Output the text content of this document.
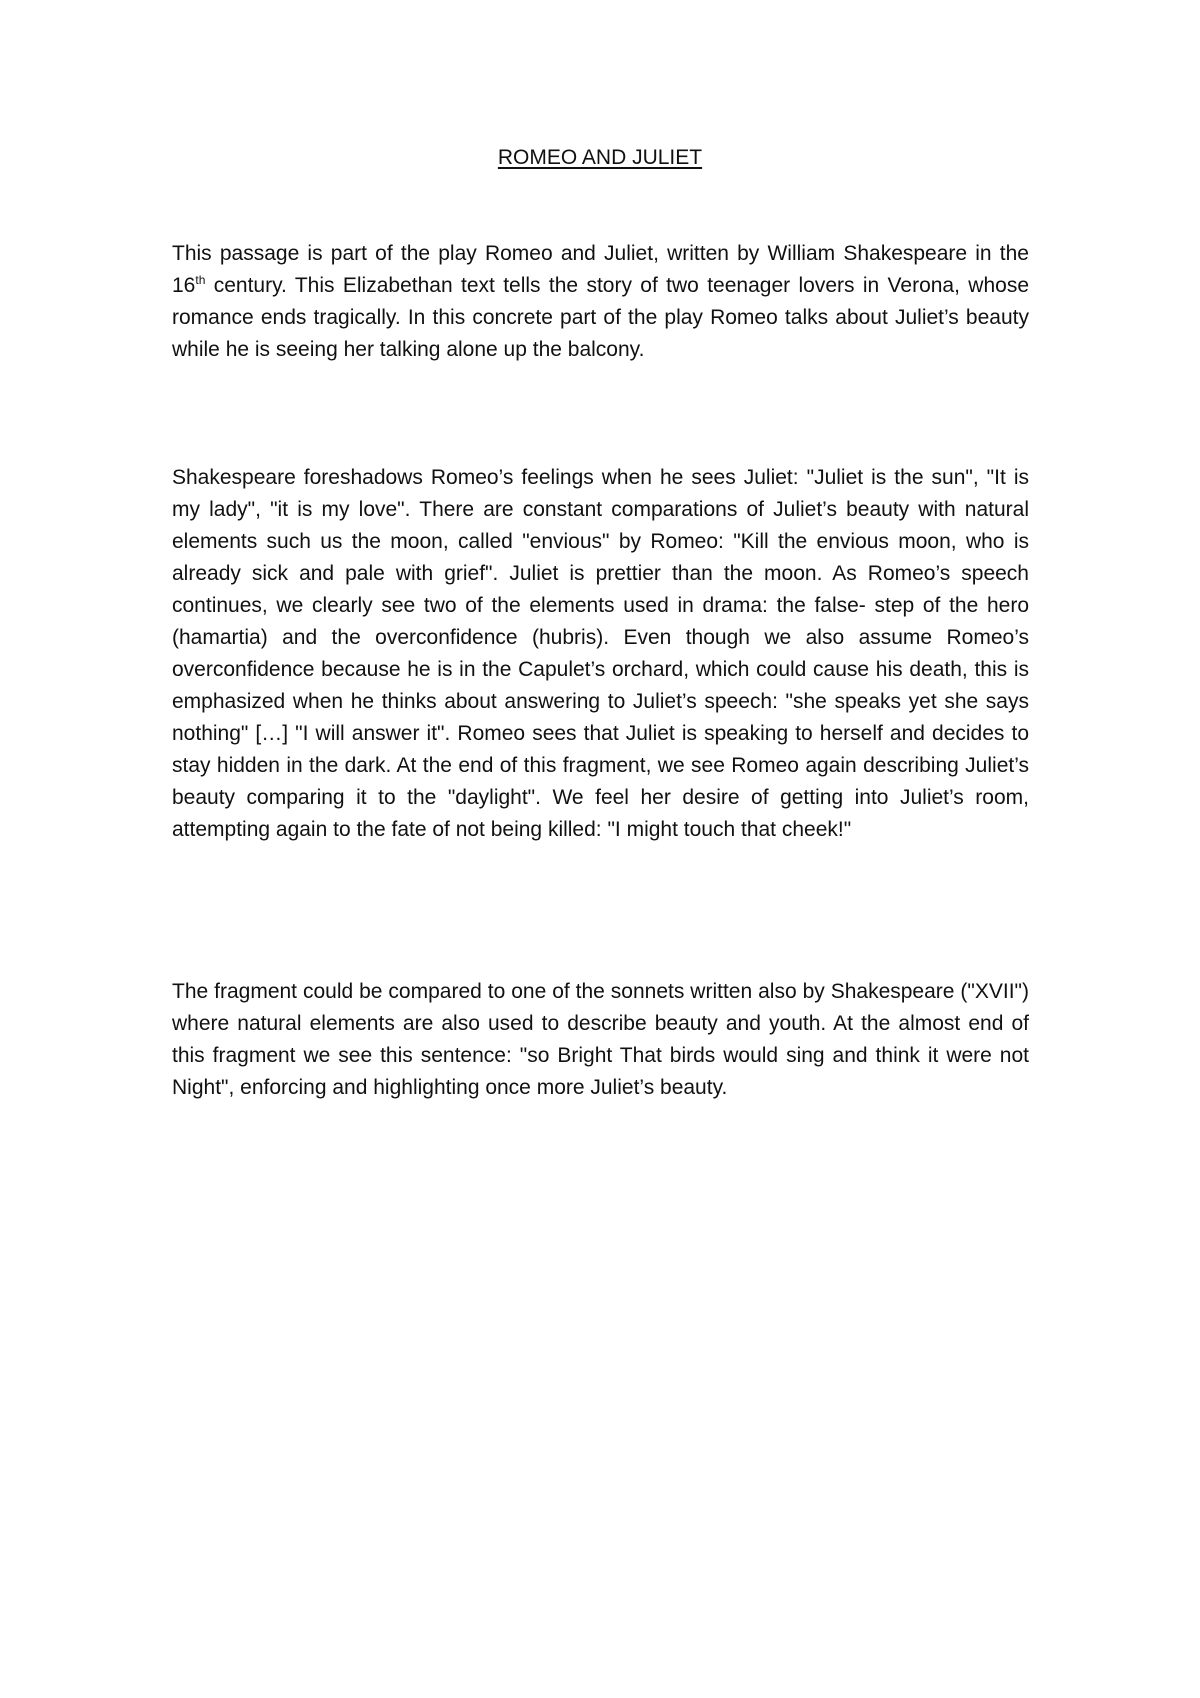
ROMEO AND JULIET

This passage is part of the play Romeo and Juliet, written by William Shakespeare in the 16th century. This Elizabethan text tells the story of two teenager lovers in Verona, whose romance ends tragically. In this concrete part of the play Romeo talks about Juliet’s beauty while he is seeing her talking alone up the balcony.

Shakespeare foreshadows Romeo’s feelings when he sees Juliet: "Juliet is the sun", "It is my lady", "it is my love". There are constant comparations of Juliet’s beauty with natural elements such us the moon, called "envious" by Romeo: "Kill the envious moon, who is already sick and pale with grief". Juliet is prettier than the moon. As Romeo’s speech continues, we clearly see two of the elements used in drama: the false- step of the hero (hamartia) and the overconfidence (hubris). Even though we also assume Romeo’s overconfidence because he is in the Capulet’s orchard, which could cause his death, this is emphasized when he thinks about answering to Juliet’s speech: "she speaks yet she says nothing" […] "I will answer it". Romeo sees that Juliet is speaking to herself and decides to stay hidden in the dark. At the end of this fragment, we see Romeo again describing Juliet’s beauty comparing it to the "daylight". We feel her desire of getting into Juliet’s room, attempting again to the fate of not being killed: "I might touch that cheek!"

The fragment could be compared to one of the sonnets written also by Shakespeare ("XVII") where natural elements are also used to describe beauty and youth. At the almost end of this fragment we see this sentence: "so Bright That birds would sing and think it were not Night", enforcing and highlighting once more Juliet’s beauty.
